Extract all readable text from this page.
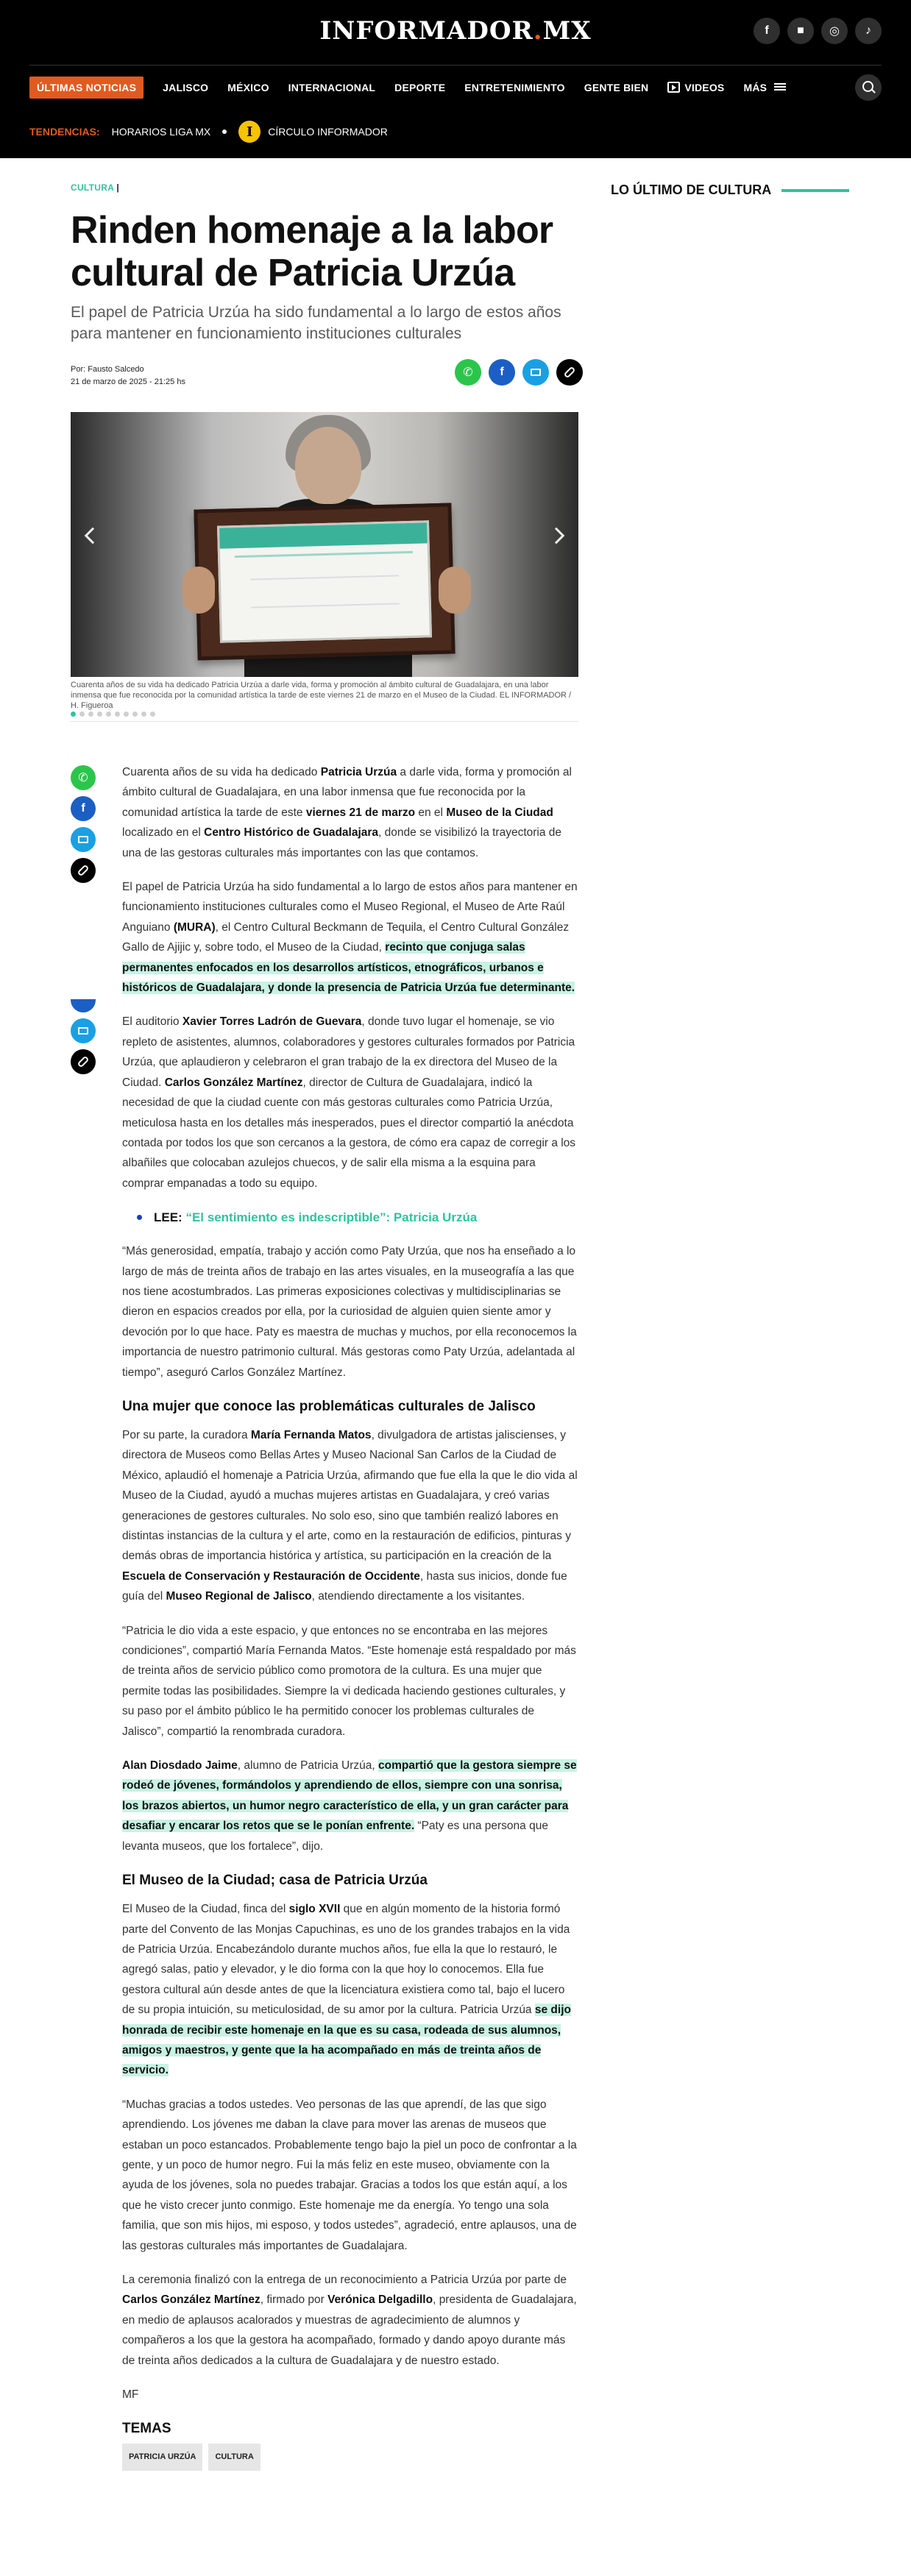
INFORMADOR.MX	f	■	◎	♪
ÚLTIMAS NOTICIAS	JALISCO MÉXICO INTERNACIONAL DEPORTE ENTRETENIMIENTO GENTE BIEN	VIDEOS MÁS
TENDENCIAS: HORARIOS LIGA MX	I	CÍRCULO INFORMADOR
CULTURA |
Rinden homenaje a la labor cultural de Patricia Urzúa

El papel de Patricia Urzúa ha sido fundamental a lo largo de estos años para mantener en funcionamiento instituciones culturales

Por: Fausto Salcedo
21 de marzo de 2025 - 21:25 hs
✆ f

Cuarenta años de su vida ha dedicado Patricia Urzúa a darle vida, forma y promoción al ámbito cultural de Guadalajara, en una labor inmensa que fue reconocida por la comunidad artística la tarde de este viernes 21 de marzo en el Museo de la Ciudad. EL INFORMADOR / H. Figueroa

LO ÚLTIMO DE CULTURA
✆
f

Cuarenta años de su vida ha dedicado Patricia Urzúa a darle vida, forma y promoción al ámbito cultural de Guadalajara, en una labor inmensa que fue reconocida por la comunidad artística la tarde de este viernes 21 de marzo en el Museo de la Ciudad localizado en el Centro Histórico de Guadalajara, donde se visibilizó la trayectoria de una de las gestoras culturales más importantes con las que contamos.

El papel de Patricia Urzúa ha sido fundamental a lo largo de estos años para mantener en funcionamiento instituciones culturales como el Museo Regional, el Museo de Arte Raúl Anguiano (MURA), el Centro Cultural Beckmann de Tequila, el Centro Cultural González Gallo de Ajijic y, sobre todo, el Museo de la Ciudad, recinto que conjuga salas permanentes enfocados en los desarrollos artísticos, etnográficos, urbanos e históricos de Guadalajara, y donde la presencia de Patricia Urzúa fue determinante.

El auditorio Xavier Torres Ladrón de Guevara, donde tuvo lugar el homenaje, se vio repleto de asistentes, alumnos, colaboradores y gestores culturales formados por Patricia Urzúa, que aplaudieron y celebraron el gran trabajo de la ex directora del Museo de la Ciudad. Carlos González Martínez, director de Cultura de Guadalajara, indicó la necesidad de que la ciudad cuente con más gestoras culturales como Patricia Urzúa, meticulosa hasta en los detalles más inesperados, pues el director compartió la anécdota contada por todos los que son cercanos a la gestora, de cómo era capaz de corregir a los albañiles que colocaban azulejos chuecos, y de salir ella misma a la esquina para comprar empanadas a todo su equipo.

LEE: “El sentimiento es indescriptible”: Patricia Urzúa

“Más generosidad, empatía, trabajo y acción como Paty Urzúa, que nos ha enseñado a lo largo de más de treinta años de trabajo en las artes visuales, en la museografía a las que nos tiene acostumbrados. Las primeras exposiciones colectivas y multidisciplinarias se dieron en espacios creados por ella, por la curiosidad de alguien quien siente amor y devoción por lo que hace. Paty es maestra de muchas y muchos, por ella reconocemos la importancia de nuestro patrimonio cultural. Más gestoras como Paty Urzúa, adelantada al tiempo”, aseguró Carlos González Martínez.

Una mujer que conoce las problemáticas culturales de Jalisco

Por su parte, la curadora María Fernanda Matos, divulgadora de artistas jaliscienses, y directora de Museos como Bellas Artes y Museo Nacional San Carlos de la Ciudad de México, aplaudió el homenaje a Patricia Urzúa, afirmando que fue ella la que le dio vida al Museo de la Ciudad, ayudó a muchas mujeres artistas en Guadalajara, y creó varias generaciones de gestores culturales. No solo eso, sino que también realizó labores en distintas instancias de la cultura y el arte, como en la restauración de edificios, pinturas y demás obras de importancia histórica y artística, su participación en la creación de la Escuela de Conservación y Restauración de Occidente, hasta sus inicios, donde fue guía del Museo Regional de Jalisco, atendiendo directamente a los visitantes.

“Patricia le dio vida a este espacio, y que entonces no se encontraba en las mejores condiciones”, compartió María Fernanda Matos. “Este homenaje está respaldado por más de treinta años de servicio público como promotora de la cultura. Es una mujer que permite todas las posibilidades. Siempre la vi dedicada haciendo gestiones culturales, y su paso por el ámbito público le ha permitido conocer los problemas culturales de Jalisco”, compartió la renombrada curadora.

Alan Diosdado Jaime, alumno de Patricia Urzúa, compartió que la gestora siempre se rodeó de jóvenes, formándolos y aprendiendo de ellos, siempre con una sonrisa, los brazos abiertos, un humor negro característico de ella, y un gran carácter para desafiar y encarar los retos que se le ponían enfrente. “Paty es una persona que levanta museos, que los fortalece”, dijo.

El Museo de la Ciudad; casa de Patricia Urzúa

El Museo de la Ciudad, finca del siglo XVII que en algún momento de la historia formó parte del Convento de las Monjas Capuchinas, es uno de los grandes trabajos en la vida de Patricia Urzúa. Encabezándolo durante muchos años, fue ella la que lo restauró, le agregó salas, patio y elevador, y le dio forma con la que hoy lo conocemos. Ella fue gestora cultural aún desde antes de que la licenciatura existiera como tal, bajo el lucero de su propia intuición, su meticulosidad, de su amor por la cultura. Patricia Urzúa se dijo honrada de recibir este homenaje en la que es su casa, rodeada de sus alumnos, amigos y maestros, y gente que la ha acompañado en más de treinta años de servicio.

“Muchas gracias a todos ustedes. Veo personas de las que aprendí, de las que sigo aprendiendo. Los jóvenes me daban la clave para mover las arenas de museos que estaban un poco estancados. Probablemente tengo bajo la piel un poco de confrontar a la gente, y un poco de humor negro. Fui la más feliz en este museo, obviamente con la ayuda de los jóvenes, sola no puedes trabajar. Gracias a todos los que están aquí, a los que he visto crecer junto conmigo. Este homenaje me da energía. Yo tengo una sola familia, que son mis hijos, mi esposo, y todos ustedes”, agradeció, entre aplausos, una de las gestoras culturales más importantes de Guadalajara.

La ceremonia finalizó con la entrega de un reconocimiento a Patricia Urzúa por parte de Carlos González Martínez, firmado por Verónica Delgadillo, presidenta de Guadalajara, en medio de aplausos acalorados y muestras de agradecimiento de alumnos y compañeros a los que la gestora ha acompañado, formado y dando apoyo durante más de treinta años dedicados a la cultura de Guadalajara y de nuestro estado.

MF

TEMAS
PATRICIA URZÚA	CULTURA
